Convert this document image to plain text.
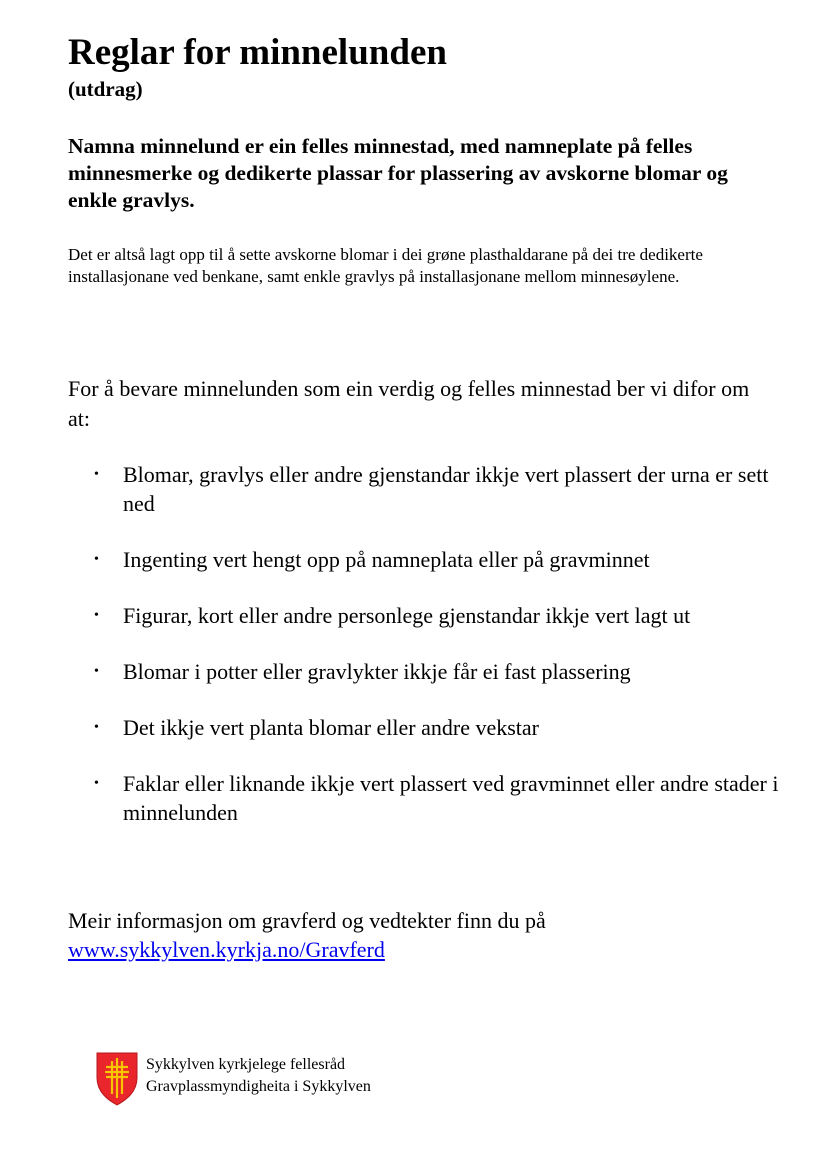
Reglar for minnelunden
(utdrag)
Namna minnelund er ein felles minnestad, med namneplate på felles minnesmerke og dedikerte plassar for plassering av avskorne blomar og enkle gravlys.
Det er altså lagt opp til å sette avskorne blomar i dei grøne plasthaldarane på dei tre dedikerte installasjonane ved benkane, samt enkle gravlys på installasjonane mellom minnesøylene.
For å bevare minnelunden som ein verdig og felles minnestad ber vi difor om at:
• Blomar, gravlys eller andre gjenstandar ikkje vert plassert der urna er sett ned
• Ingenting vert hengt opp på namneplata eller på gravminnet
• Figurar, kort eller andre personlege gjenstandar ikkje vert lagt ut
• Blomar i potter eller gravlykter ikkje får ei fast plassering
• Det ikkje vert planta blomar eller andre vekstar
• Faklar eller liknande ikkje vert plassert ved gravminnet eller andre stader i minnelunden
Meir informasjon om gravferd og vedtekter finn du på
www.sykkylven.kyrkja.no/Gravferd
Sykkylven kyrkjelege fellesråd
Gravplassmyndigheita i Sykkylven
